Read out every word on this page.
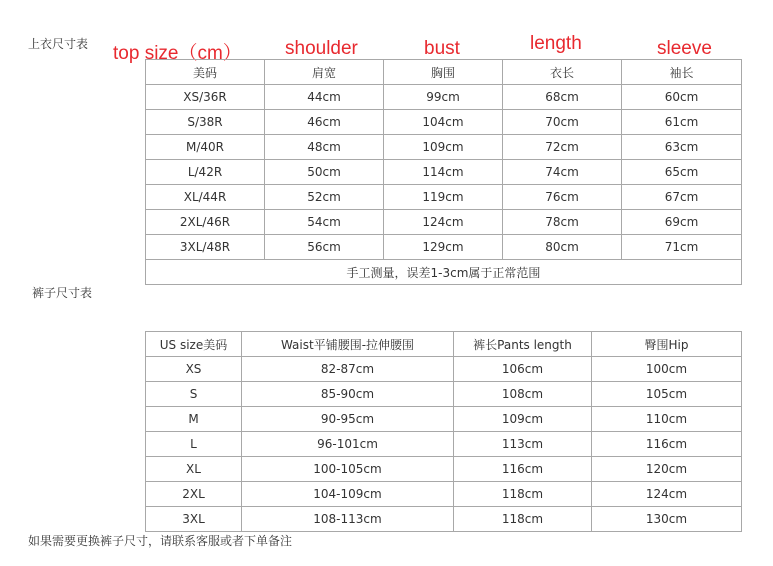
上衣尺寸表 top size（cm） shoulder	bust	length	sleeve
美码	肩宽	胸围	衣长	袖长
XS/36R	44cm	99cm	68cm	60cm
S/38R	46cm	104cm	70cm	61cm
M/40R	48cm	109cm	72cm	63cm
L/42R	50cm	114cm	74cm	65cm
XL/44R	52cm	119cm	76cm	67cm
2XL/46R	54cm	124cm	78cm	69cm
3XL/48R	56cm	129cm	80cm	71cm
手工测量，误差1-3cm属于正常范围				
裤子尺寸表
US size美码	Waist平铺腰围-拉伸腰围	裤长Pants length	臀围Hip
XS	82-87cm	106cm	100cm
S	85-90cm	108cm	105cm
M	90-95cm	109cm	110cm
L	96-101cm	113cm	116cm
XL	100-105cm	116cm	120cm
2XL	104-109cm	118cm	124cm
3XL	108-113cm	118cm	130cm
如果需要更换裤子尺寸，请联系客服或者下单备注
